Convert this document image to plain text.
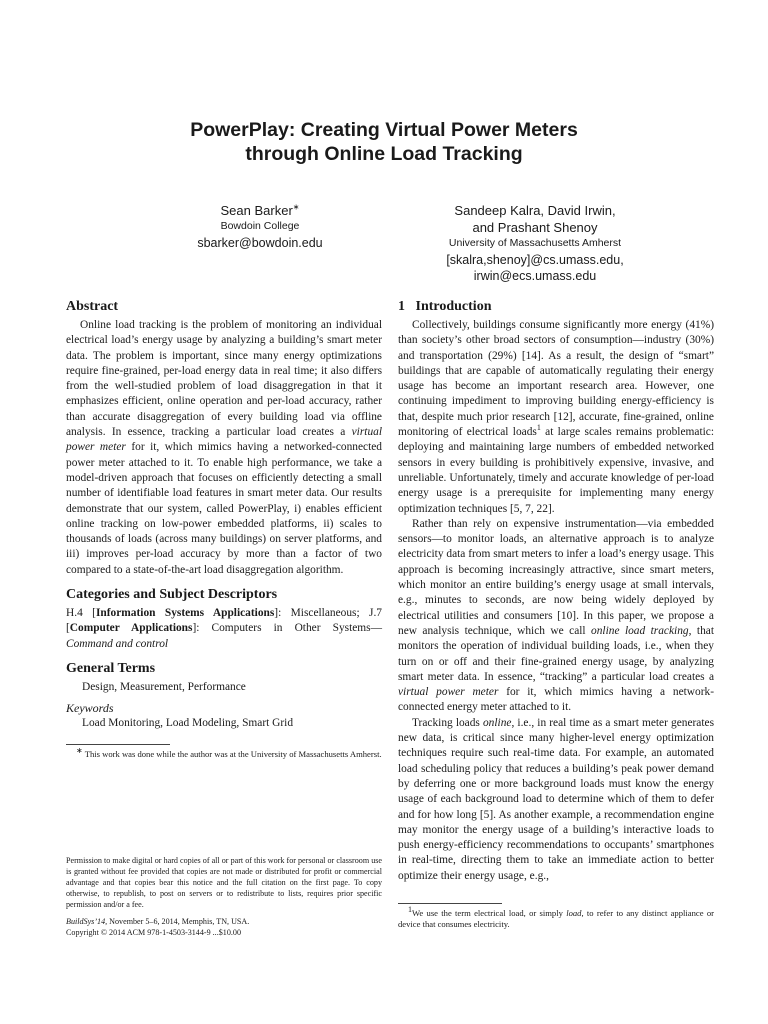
PowerPlay: Creating Virtual Power Meters
through Online Load Tracking
Sean Barker∗
Bowdoin College
sbarker@bowdoin.edu
Sandeep Kalra, David Irwin,
and Prashant Shenoy
University of Massachusetts Amherst
[skalra,shenoy]@cs.umass.edu,
irwin@ecs.umass.edu
Abstract

Online load tracking is the problem of monitoring an individual electrical load’s energy usage by analyzing a building’s smart meter data. The problem is important, since many energy optimizations require fine-grained, per-load energy data in real time; it also differs from the well-studied problem of load disaggregation in that it emphasizes efficient, online operation and per-load accuracy, rather than accurate disaggregation of every building load via offline analysis. In essence, tracking a particular load creates a virtual power meter for it, which mimics having a networked-connected power meter attached to it. To enable high performance, we take a model-driven approach that focuses on efficiently detecting a small number of identifiable load features in smart meter data. Our results demonstrate that our system, called PowerPlay, i) enables efficient online tracking on low-power embedded platforms, ii) scales to thousands of loads (across many buildings) on server platforms, and iii) improves per-load accuracy by more than a factor of two compared to a state-of-the-art load disaggregation algorithm.

Categories and Subject Descriptors

H.4 [Information Systems Applications]: Miscellaneous; J.7 [Computer Applications]: Computers in Other Systems—Command and control

General Terms

Design, Measurement, Performance

Keywords

Load Monitoring, Load Modeling, Smart Grid

∗ This work was done while the author was at the University of Massachusetts Amherst.
Permission to make digital or hard copies of all or part of this work for personal or classroom use is granted without fee provided that copies are not made or distributed for profit or commercial advantage and that copies bear this notice and the full citation on the first page. To copy otherwise, to republish, to post on servers or to redistribute to lists, requires prior specific permission and/or a fee.
BuildSys’14, November 5–6, 2014, Memphis, TN, USA.
Copyright © 2014 ACM 978-1-4503-3144-9 ...$10.00
1 Introduction

Collectively, buildings consume significantly more energy (41%) than society’s other broad sectors of consumption—industry (30%) and transportation (29%) [14]. As a result, the design of “smart” buildings that are capable of automatically regulating their energy usage has become an important research area. However, one continuing impediment to improving building energy-efficiency is that, despite much prior research [12], accurate, fine-grained, online monitoring of electrical loads$^1$ at large scales remains problematic: deploying and maintaining large numbers of embedded networked sensors in every building is prohibitively expensive, invasive, and unreliable. Unfortunately, timely and accurate knowledge of per-load energy usage is a prerequisite for implementing many energy optimization techniques [5, 7, 22].

Rather than rely on expensive instrumentation—via embedded sensors—to monitor loads, an alternative approach is to analyze electricity data from smart meters to infer a load’s energy usage. This approach is becoming increasingly attractive, since smart meters, which monitor an entire building’s energy usage at small intervals, e.g., minutes to seconds, are now being widely deployed by electrical utilities and consumers [10]. In this paper, we propose a new analysis technique, which we call online load tracking, that monitors the operation of individual building loads, i.e., when they turn on or off and their fine-grained energy usage, by analyzing smart meter data. In essence, “tracking” a particular load creates a virtual power meter for it, which mimics having a network-connected energy meter attached to it.

Tracking loads online, i.e., in real time as a smart meter generates new data, is critical since many higher-level energy optimization techniques require such real-time data. For example, an automated load scheduling policy that reduces a building’s peak power demand by deferring one or more background loads must know the energy usage of each background load to determine which of them to defer and for how long [5]. As another example, a recommendation engine may monitor the energy usage of a building’s interactive loads to push energy-efficiency recommendations to occupants’ smartphones in real-time, directing them to take an immediate action to better optimize their energy usage, e.g.,

1We use the term electrical load, or simply load, to refer to any distinct appliance or device that consumes electricity.
